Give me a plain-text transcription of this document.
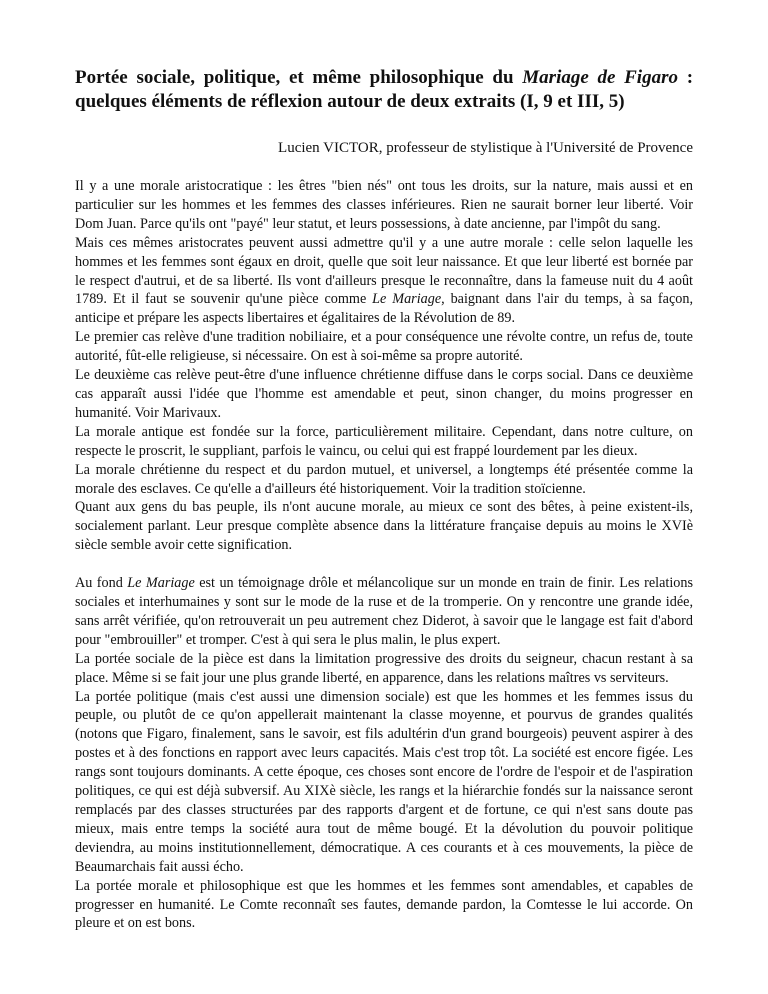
Portée sociale, politique, et même philosophique du Mariage de Figaro : quelques éléments de réflexion autour de deux extraits (I, 9 et III, 5)
Lucien VICTOR, professeur de stylistique à l'Université de Provence

Il y a une morale aristocratique : les êtres "bien nés" ont tous les droits, sur la nature, mais aussi et en particulier sur les hommes et les femmes des classes inférieures. Rien ne saurait borner leur liberté. Voir Dom Juan. Parce qu'ils ont "payé" leur statut, et leurs possessions, à date ancienne, par l'impôt du sang.

Mais ces mêmes aristocrates peuvent aussi admettre qu'il y a une autre morale : celle selon laquelle les hommes et les femmes sont égaux en droit, quelle que soit leur naissance. Et que leur liberté est bornée par le respect d'autrui, et de sa liberté. Ils vont d'ailleurs presque le reconnaître, dans la fameuse nuit du 4 août 1789. Et il faut se souvenir qu'une pièce comme Le Mariage, baignant dans l'air du temps, à sa façon, anticipe et prépare les aspects libertaires et égalitaires de la Révolution de 89.

Le premier cas relève d'une tradition nobiliaire, et a pour conséquence une révolte contre, un refus de, toute autorité, fût-elle religieuse, si nécessaire. On est à soi-même sa propre autorité.

Le deuxième cas relève peut-être d'une influence chrétienne diffuse dans le corps social. Dans ce deuxième cas apparaît aussi l'idée que l'homme est amendable et peut, sinon changer, du moins progresser en humanité. Voir Marivaux.

La morale antique est fondée sur la force, particulièrement militaire. Cependant, dans notre culture, on respecte le proscrit, le suppliant, parfois le vaincu, ou celui qui est frappé lourdement par les dieux.

La morale chrétienne du respect et du pardon mutuel, et universel, a longtemps été présentée comme la morale des esclaves. Ce qu'elle a d'ailleurs été historiquement. Voir la tradition stoïcienne.

Quant aux gens du bas peuple, ils n'ont aucune morale, au mieux ce sont des bêtes, à peine existent-ils, socialement parlant. Leur presque complète absence dans la littérature française depuis au moins le XVIè siècle semble avoir cette signification.

Au fond Le Mariage est un témoignage drôle et mélancolique sur un monde en train de finir. Les relations sociales et interhumaines y sont sur le mode de la ruse et de la tromperie. On y rencontre une grande idée, sans arrêt vérifiée, qu'on retrouverait un peu autrement chez Diderot, à savoir que le langage est fait d'abord pour "embrouiller" et tromper. C'est à qui sera le plus malin, le plus expert.

La portée sociale de la pièce est dans la limitation progressive des droits du seigneur, chacun restant à sa place. Même si se fait jour une plus grande liberté, en apparence, dans les relations maîtres vs serviteurs.

La portée politique (mais c'est aussi une dimension sociale) est que les hommes et les femmes issus du peuple, ou plutôt de ce qu'on appellerait maintenant la classe moyenne, et pourvus de grandes qualités (notons que Figaro, finalement, sans le savoir, est fils adultérin d'un grand bourgeois) peuvent aspirer à des postes et à des fonctions en rapport avec leurs capacités. Mais c'est trop tôt. La société est encore figée. Les rangs sont toujours dominants. A cette époque, ces choses sont encore de l'ordre de l'espoir et de l'aspiration politiques, ce qui est déjà subversif. Au XIXè siècle, les rangs et la hiérarchie fondés sur la naissance seront remplacés par des classes structurées par des rapports d'argent et de fortune, ce qui n'est sans doute pas mieux, mais entre temps la société aura tout de même bougé. Et la dévolution du pouvoir politique deviendra, au moins institutionnellement, démocratique. A ces courants et à ces mouvements, la pièce de Beaumarchais fait aussi écho.

La portée morale et philosophique est que les hommes et les femmes sont amendables, et capables de progresser en humanité. Le Comte reconnaît ses fautes, demande pardon, la Comtesse le lui accorde. On pleure et on est bons.
